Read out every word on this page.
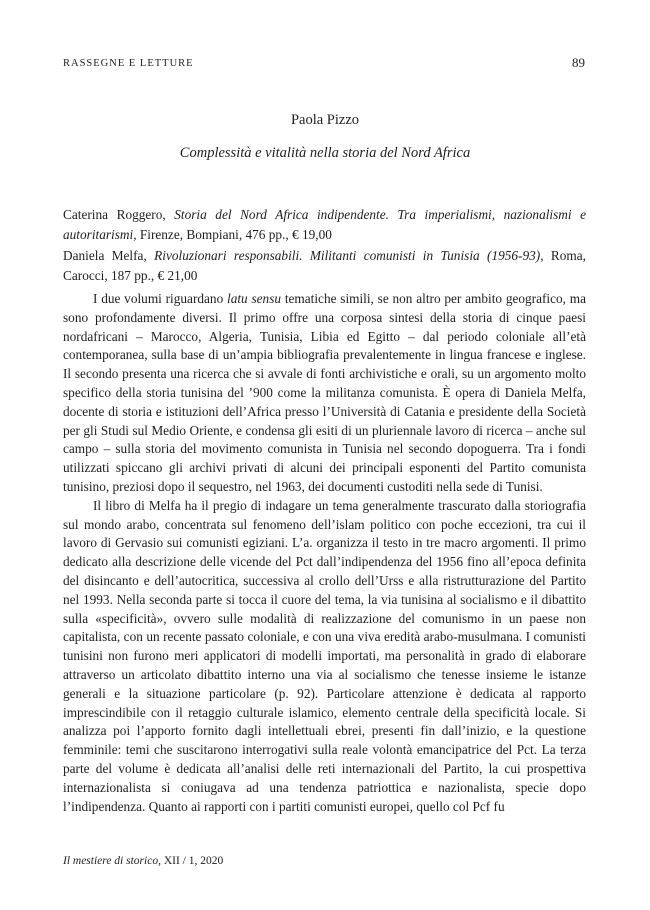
RASSEGNE E LETTURE	89
Paola Pizzo
Complessità e vitalità nella storia del Nord Africa

Caterina Roggero, Storia del Nord Africa indipendente. Tra imperialismi, nazionalismi e autoritarismi, Firenze, Bompiani, 476 pp., € 19,00

Daniela Melfa, Rivoluzionari responsabili. Militanti comunisti in Tunisia (1956-93), Roma, Carocci, 187 pp., € 21,00

I due volumi riguardano latu sensu tematiche simili, se non altro per ambito geografico, ma sono profondamente diversi. Il primo offre una corposa sintesi della storia di cinque paesi nordafricani – Marocco, Algeria, Tunisia, Libia ed Egitto – dal periodo coloniale all’età contemporanea, sulla base di un’ampia bibliografia prevalentemente in lingua francese e inglese. Il secondo presenta una ricerca che si avvale di fonti archivistiche e orali, su un argomento molto specifico della storia tunisina del ’900 come la militanza comunista. È opera di Daniela Melfa, docente di storia e istituzioni dell’Africa presso l’Università di Catania e presidente della Società per gli Studi sul Medio Oriente, e condensa gli esiti di un pluriennale lavoro di ricerca – anche sul campo – sulla storia del movimento comunista in Tunisia nel secondo dopoguerra. Tra i fondi utilizzati spiccano gli archivi privati di alcuni dei principali esponenti del Partito comunista tunisino, preziosi dopo il sequestro, nel 1963, dei documenti custoditi nella sede di Tunisi.

Il libro di Melfa ha il pregio di indagare un tema generalmente trascurato dalla storiografia sul mondo arabo, concentrata sul fenomeno dell’islam politico con poche eccezioni, tra cui il lavoro di Gervasio sui comunisti egiziani. L’a. organizza il testo in tre macro argomenti. Il primo dedicato alla descrizione delle vicende del Pct dall’indipendenza del 1956 fino all’epoca definita del disincanto e dell’autocritica, successiva al crollo dell’Urss e alla ristrutturazione del Partito nel 1993. Nella seconda parte si tocca il cuore del tema, la via tunisina al socialismo e il dibattito sulla «specificità», ovvero sulle modalità di realizzazione del comunismo in un paese non capitalista, con un recente passato coloniale, e con una viva eredità arabo-musulmana. I comunisti tunisini non furono meri applicatori di modelli importati, ma personalità in grado di elaborare attraverso un articolato dibattito interno una via al socialismo che tenesse insieme le istanze generali e la situazione particolare (p. 92). Particolare attenzione è dedicata al rapporto imprescindibile con il retaggio culturale islamico, elemento centrale della specificità locale. Si analizza poi l’apporto fornito dagli intellettuali ebrei, presenti fin dall’inizio, e la questione femminile: temi che suscitarono interrogativi sulla reale volontà emancipatrice del Pct. La terza parte del volume è dedicata all’analisi delle reti internazionali del Partito, la cui prospettiva internazionalista si coniugava ad una tendenza patriottica e nazionalista, specie dopo l’indipendenza. Quanto ai rapporti con i partiti comunisti europei, quello col Pcf fu

Il mestiere di storico, XII / 1, 2020
